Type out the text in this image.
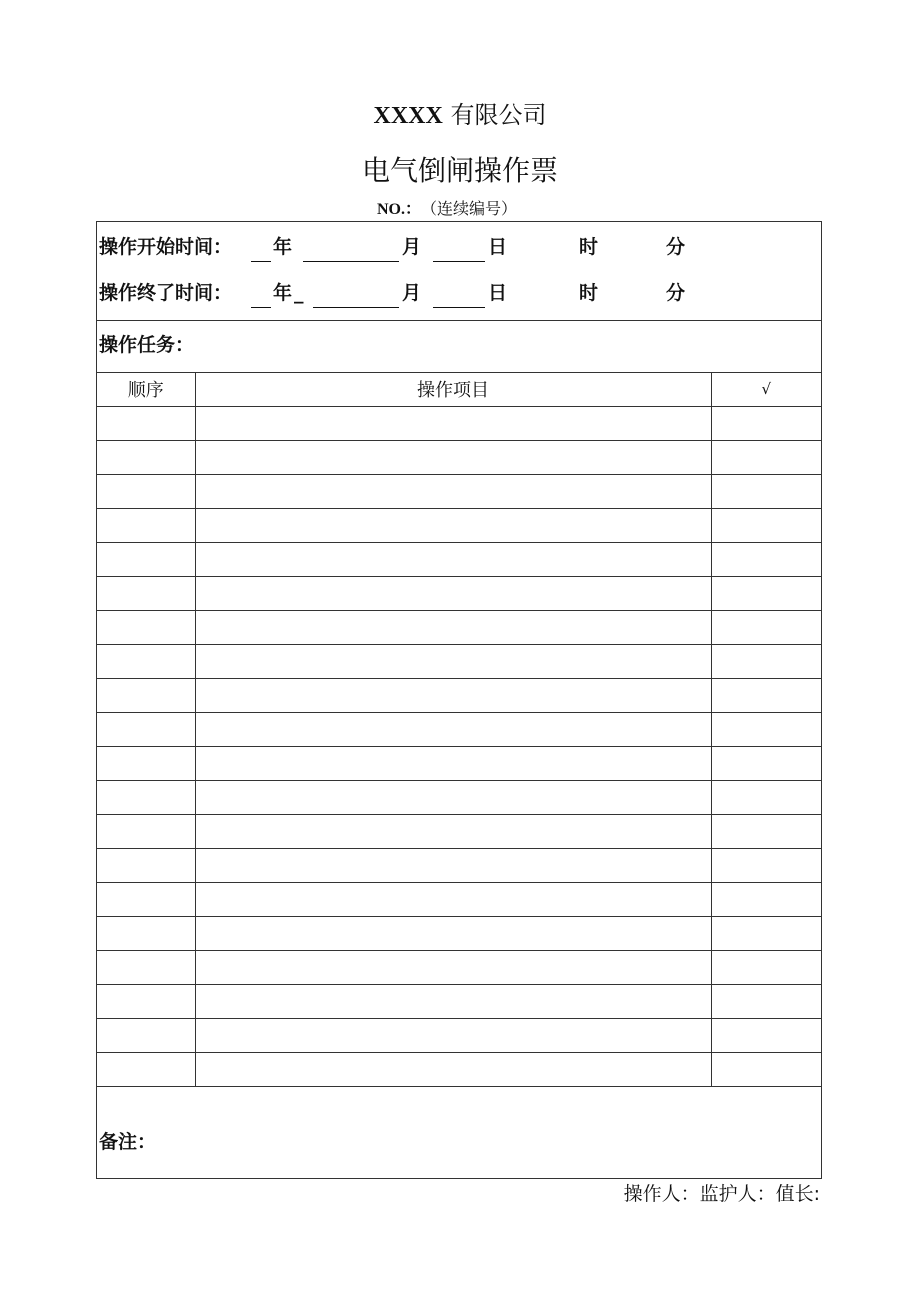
XXXX 有限公司
电气倒闸操作票
NO.： （连续编号）
操作开始时间： 年	月	日	时	分
操作终了时间： 年 _	月	日	时	分
操作任务：
顺序	操作项目	√

备注：
操作人：监护人：值长:
